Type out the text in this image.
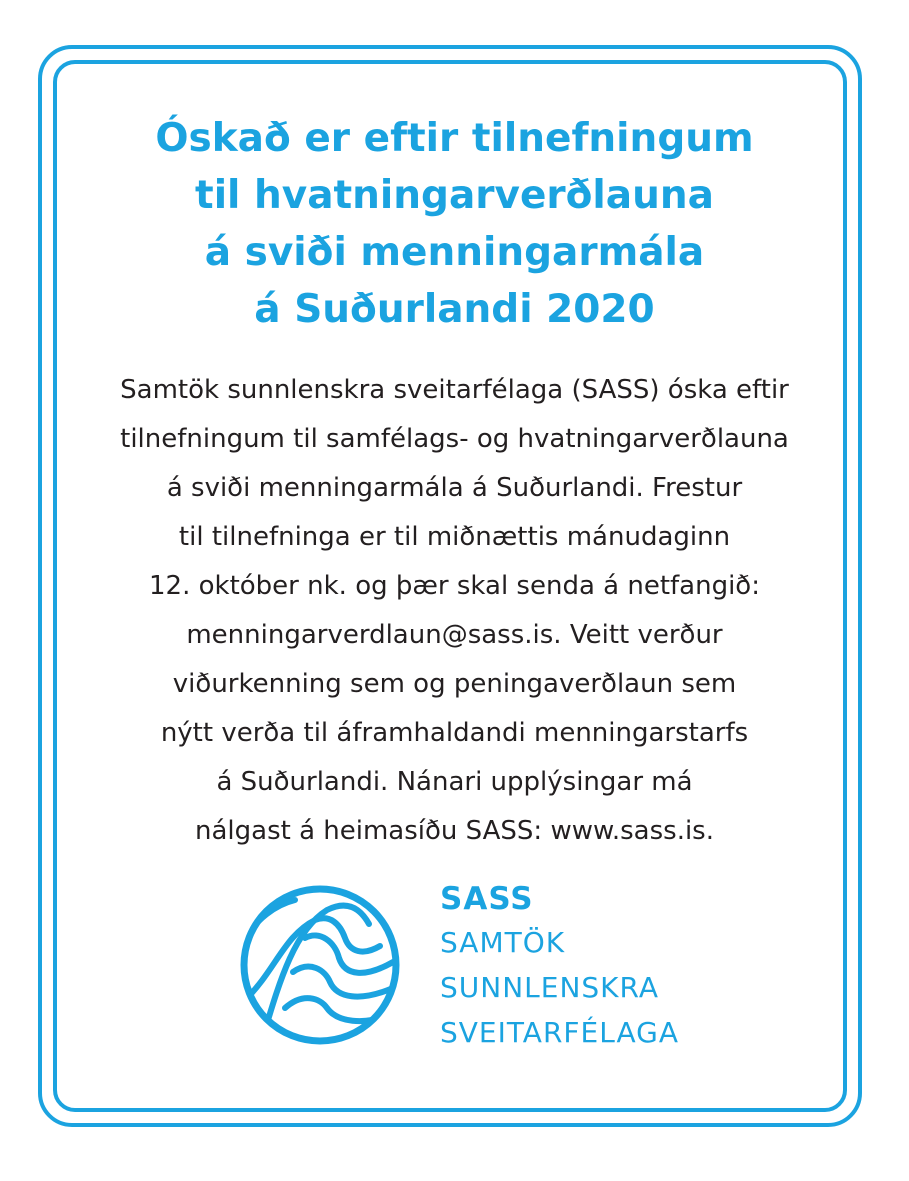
Óskað er eftir tilnefningum
til hvatningarverðlauna
á sviði menningarmála
á Suðurlandi 2020

Samtök sunnlenskra sveitarfélaga (SASS) óska eftir
tilnefningum til samfélags- og hvatningarverðlauna
á sviði menningarmála á Suðurlandi. Frestur
til tilnefninga er til miðnættis mánudaginn
12. október nk. og þær skal senda á netfangið:
menningarverdlaun@sass.is. Veitt verður
viðurkenning sem og peningaverðlaun sem
nýtt verða til áframhaldandi menningarstarfs
á Suðurlandi. Nánari upplýsingar má
nálgast á heimasíðu SASS: www.sass.is.

SASS
SAMTÖK
SUNNLENSKRA
SVEITARFÉLAGA
